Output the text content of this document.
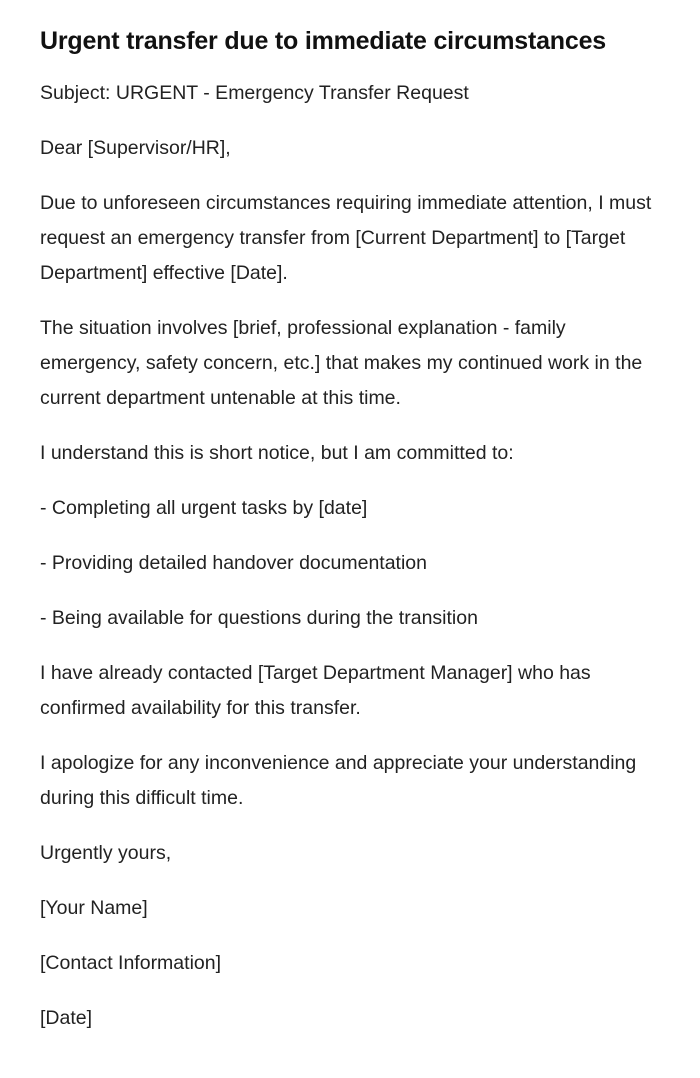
Urgent transfer due to immediate circumstances

Subject: URGENT - Emergency Transfer Request

Dear [Supervisor/HR],

Due to unforeseen circumstances requiring immediate attention, I must request an emergency transfer from [Current Department] to [Target Department] effective [Date].

The situation involves [brief, professional explanation - family emergency, safety concern, etc.] that makes my continued work in the current department untenable at this time.

I understand this is short notice, but I am committed to:

- Completing all urgent tasks by [date]

- Providing detailed handover documentation

- Being available for questions during the transition

I have already contacted [Target Department Manager] who has confirmed availability for this transfer.

I apologize for any inconvenience and appreciate your understanding during this difficult time.

Urgently yours,

[Your Name]

[Contact Information]

[Date]
